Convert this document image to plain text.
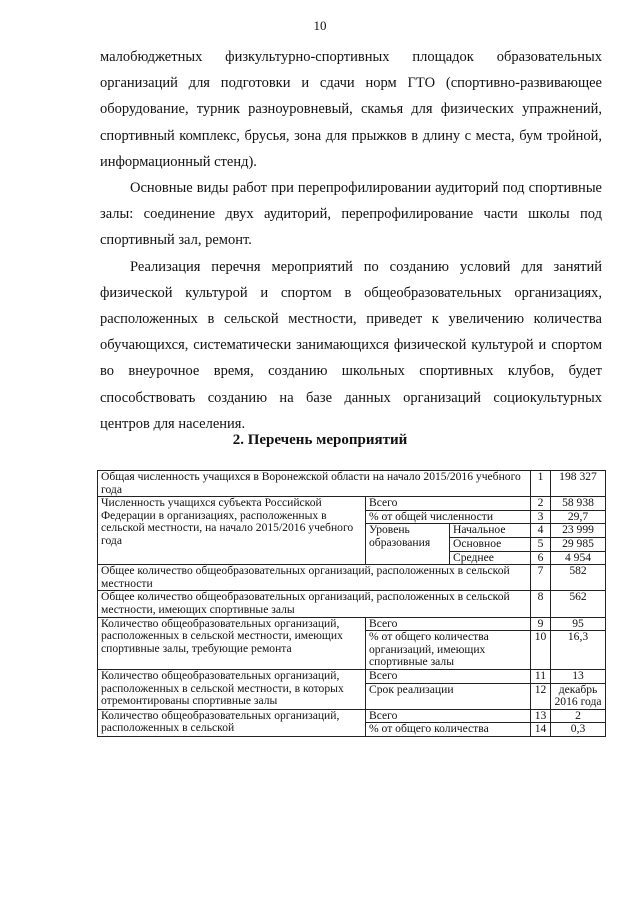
10

малобюджетных физкультурно-спортивных площадок образовательных организаций для подготовки и сдачи норм ГТО (спортивно-развивающее оборудование, турник разноуровневый, скамья для физических упражнений, спортивный комплекс, брусья, зона для прыжков в длину с места, бум тройной, информационный стенд).

Основные виды работ при перепрофилировании аудиторий под спортивные залы: соединение двух аудиторий, перепрофилирование части школы под спортивный зал, ремонт.

Реализация перечня мероприятий по созданию условий для занятий физической культурой и спортом в общеобразовательных организациях, расположенных в сельской местности, приведет к увеличению количества обучающихся, систематически занимающихся физической культурой и спортом во внеурочное время, созданию школьных спортивных клубов, будет способствовать созданию на базе данных организаций социокультурных центров для населения.

2. Перечень мероприятий
Общая численность учащихся в Воронежской области на начало 2015/2016 учебного года			1	198 327
Численность учащихся субъекта Российской Федерации в организациях, расположенных в сельской местности, на начало 2015/2016 учебного года	Всего		2	58 938
	% от общей численности		3	29,7
	Уровень образования	Начальное	4	23 999
		Основное	5	29 985
		Среднее	6	4 954
Общее количество общеобразовательных организаций, расположенных в сельской местности			7	582
Общее количество общеобразовательных организаций, расположенных в сельской местности, имеющих спортивные залы			8	562
Количество общеобразовательных организаций, расположенных в сельской местности, имеющих спортивные залы, требующие ремонта	Всего		9	95
	% от общего количества организаций, имеющих спортивные залы		10	16,3
Количество общеобразовательных организаций, расположенных в сельской местности, в которых отремонтированы спортивные залы	Всего		11	13
	Срок реализации		12	декабрь 2016 года
Количество общеобразовательных организаций, расположенных в сельской	Всего		13	2
	% от общего количества		14	0,3
